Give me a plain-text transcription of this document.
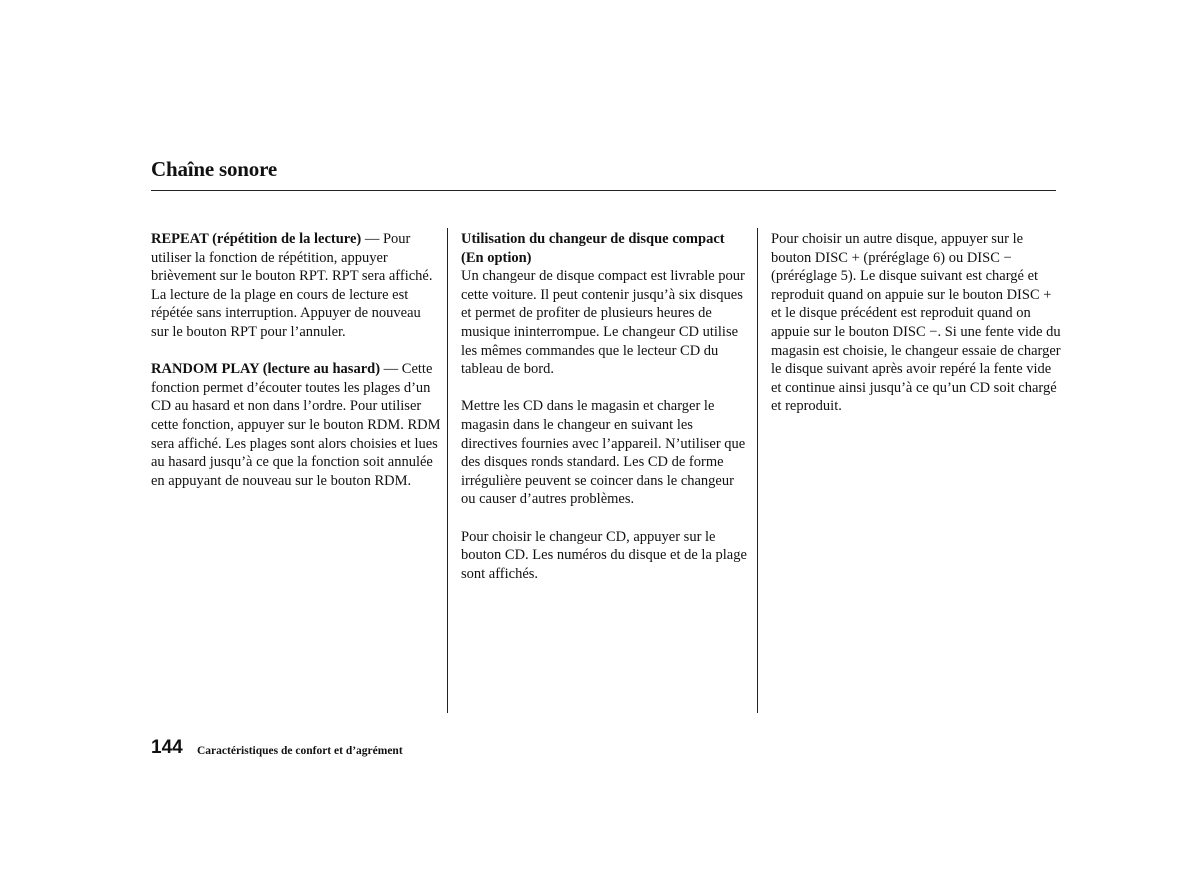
Chaîne sonore

REPEAT (répétition de la lecture) — Pour utiliser la fonction de répétition, appuyer brièvement sur le bouton RPT. RPT sera affiché. La lecture de la plage en cours de lecture est répétée sans interruption. Appuyer de nouveau sur le bouton RPT pour l’annuler.

RANDOM PLAY (lecture au hasard) — Cette fonction permet d’écouter toutes les plages d’un CD au hasard et non dans l’ordre. Pour utiliser cette fonction, appuyer sur le bouton RDM. RDM sera affiché. Les plages sont alors choisies et lues au hasard jusqu’à ce que la fonction soit annulée en appuyant de nouveau sur le bouton RDM.

Utilisation du changeur de disque compact
(En option)
Un changeur de disque compact est livrable pour cette voiture. Il peut contenir jusqu’à six disques et permet de profiter de plusieurs heures de musique ininterrompue. Le changeur CD utilise les mêmes commandes que le lecteur CD du tableau de bord.

Mettre les CD dans le magasin et charger le magasin dans le changeur en suivant les directives fournies avec l’appareil. N’utiliser que des disques ronds standard. Les CD de forme irrégulière peuvent se coincer dans le changeur ou causer d’autres problèmes.

Pour choisir le changeur CD, appuyer sur le bouton CD. Les numéros du disque et de la plage sont affichés.

Pour choisir un autre disque, appuyer sur le bouton DISC + (préréglage 6) ou DISC − (préréglage 5). Le disque suivant est chargé et reproduit quand on appuie sur le bouton DISC + et le disque précédent est reproduit quand on appuie sur le bouton DISC −. Si une fente vide du magasin est choisie, le changeur essaie de charger le disque suivant après avoir repéré la fente vide et continue ainsi jusqu’à ce qu’un CD soit chargé et reproduit.

144 Caractéristiques de confort et d’agrément
